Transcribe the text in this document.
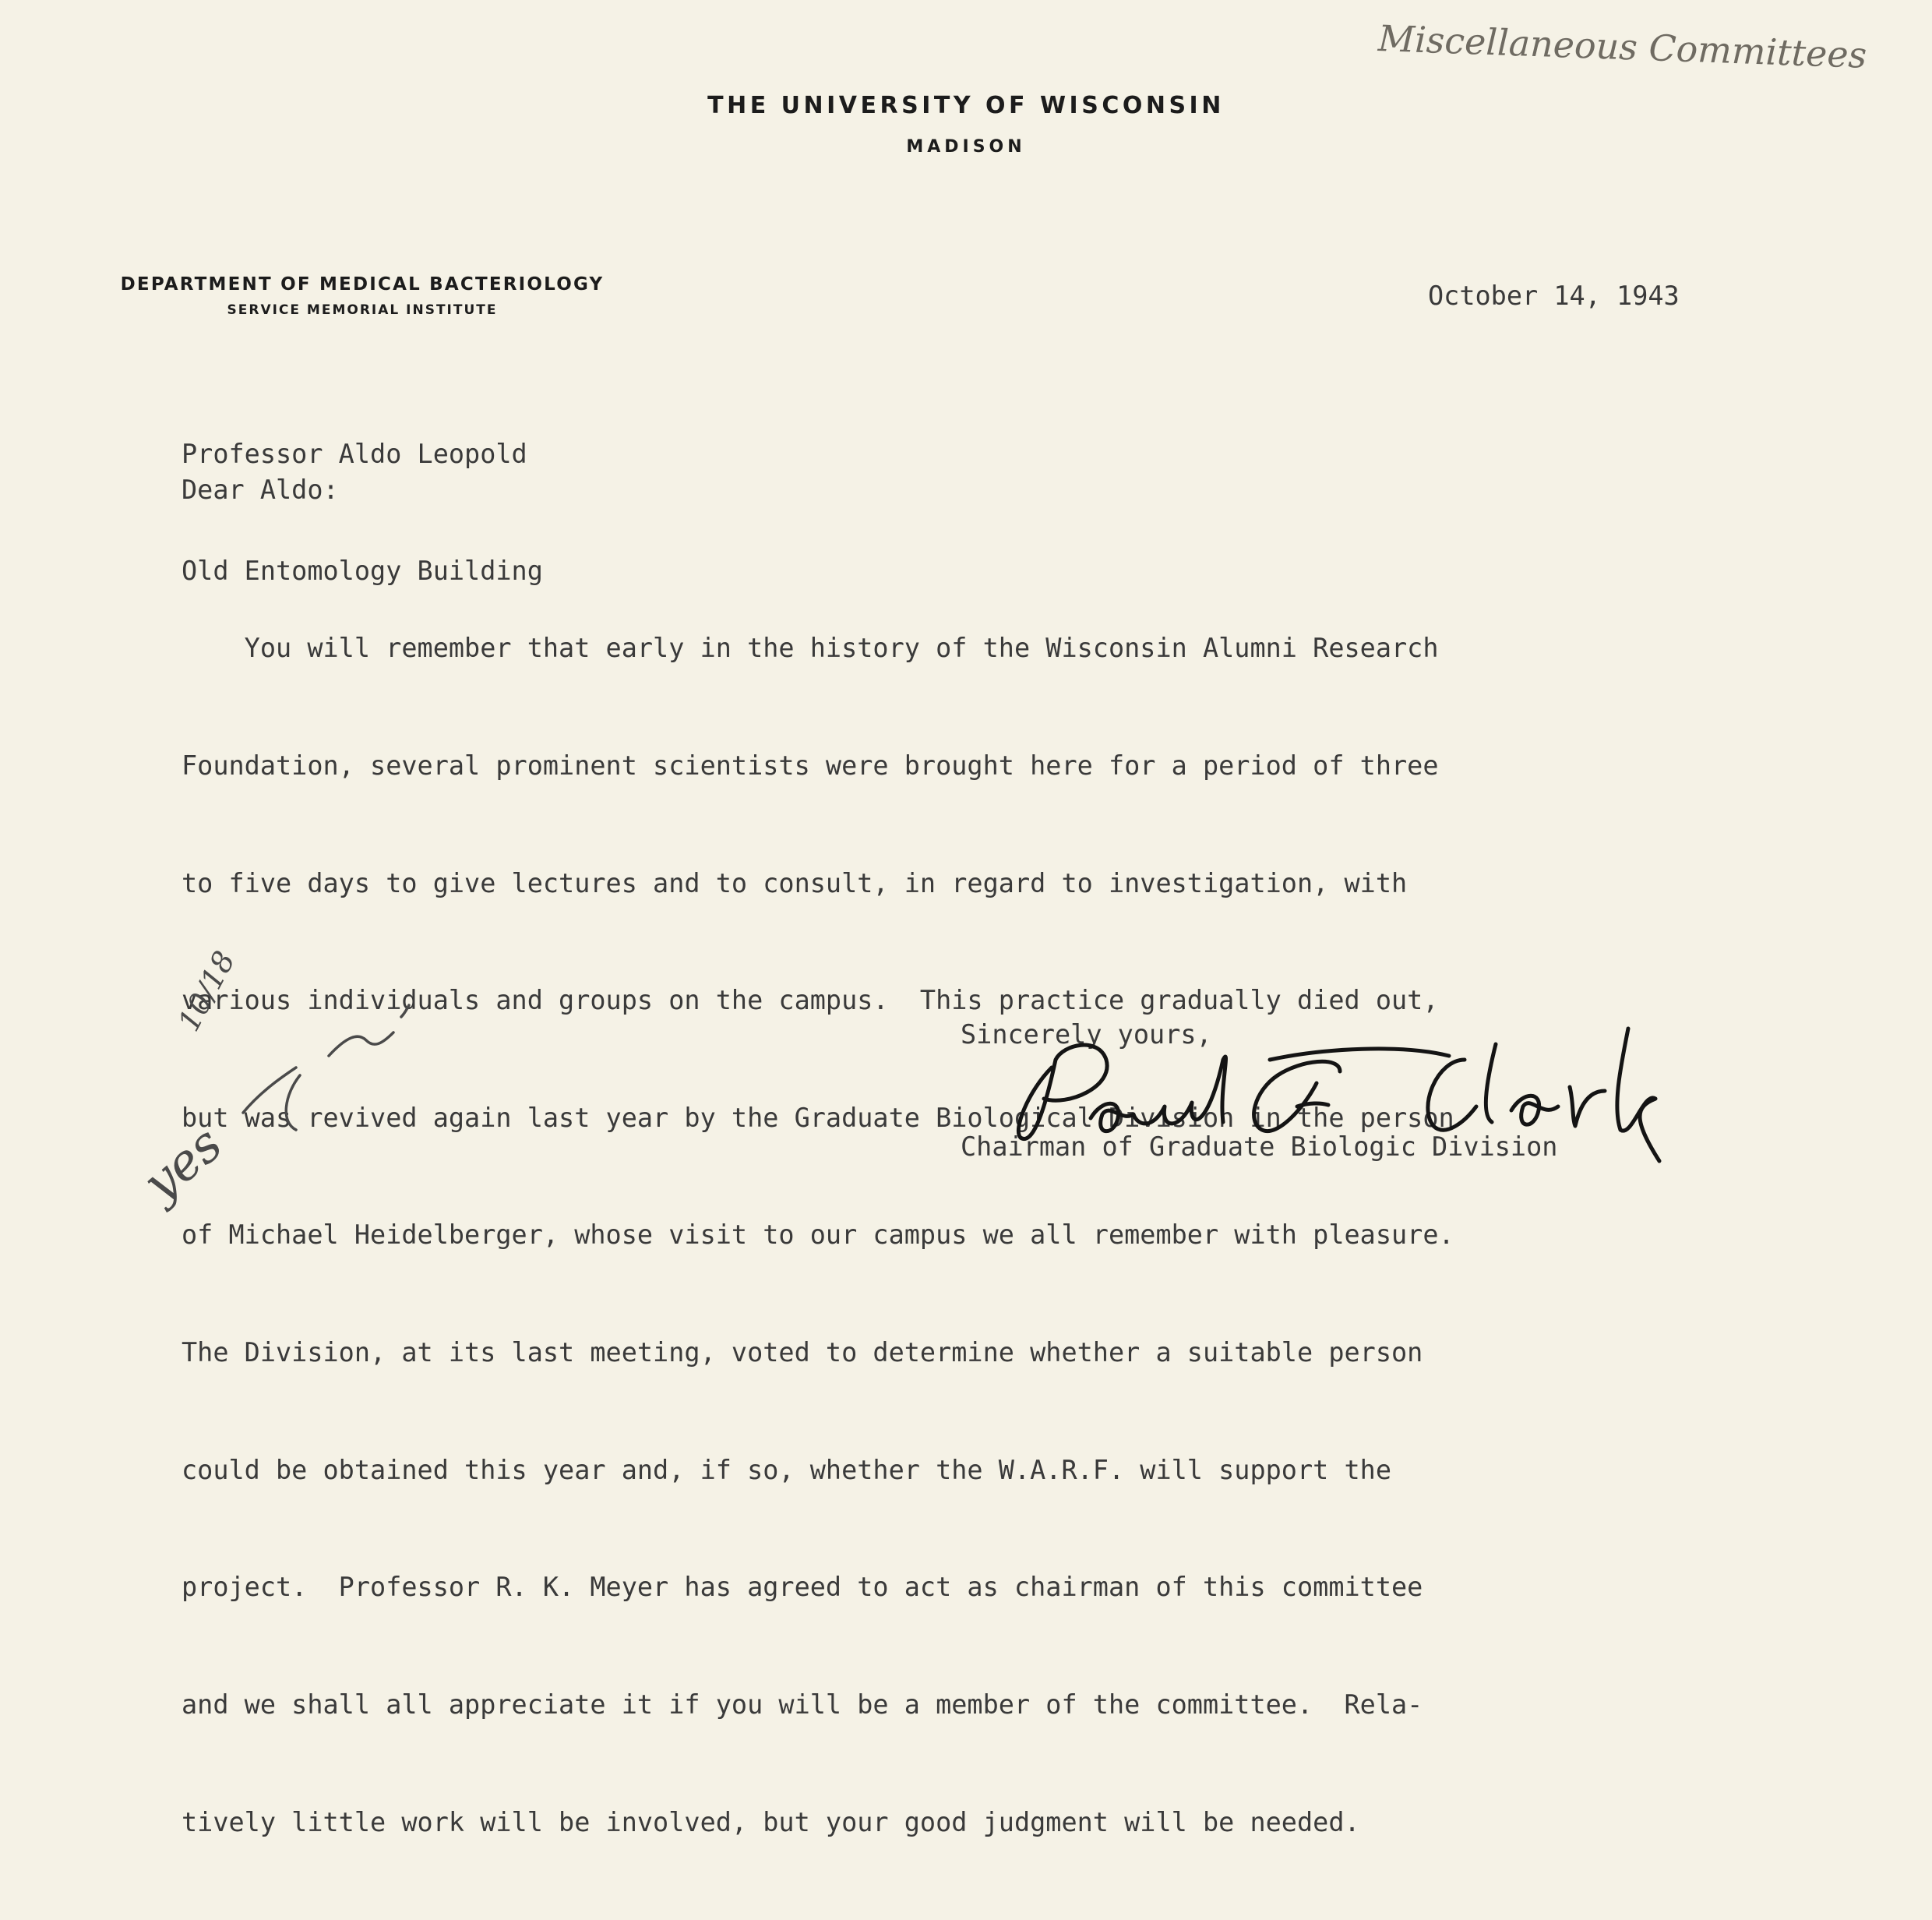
Miscellaneous Committees
THE UNIVERSITY OF WISCONSIN
MADISON
DEPARTMENT OF MEDICAL BACTERIOLOGY
SERVICE MEMORIAL INSTITUTE	October 14, 1943

Professor Aldo Leopold

Old Entomology Building

Dear Aldo:

You will remember that early in the history of the Wisconsin Alumni Research

Foundation, several prominent scientists were brought here for a period of three

to five days to give lectures and to consult, in regard to investigation, with

various individuals and groups on the campus.  This practice gradually died out,

but was revived again last year by the Graduate Biological Division in the person

of Michael Heidelberger, whose visit to our campus we all remember with pleasure.

The Division, at its last meeting, voted to determine whether a suitable person

could be obtained this year and, if so, whether the W.A.R.F. will support the

project.  Professor R. K. Meyer has agreed to act as chairman of this committee

and we shall all appreciate it if you will be a member of the committee.  Rela-

tively little work will be involved, but your good judgment will be needed.

Sincerely yours,
Chairman of Graduate Biologic Division
10/18
yes
